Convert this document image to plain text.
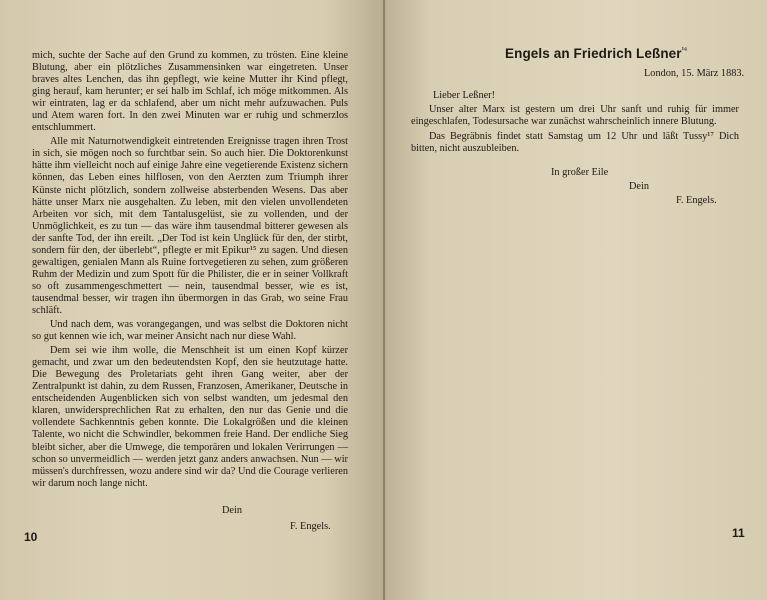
mich, suchte der Sache auf den Grund zu kommen, zu trösten. Eine kleine Blutung, aber ein plötzliches Zusammensinken war eingetreten. Unser braves altes Lenchen, das ihn gepflegt, wie keine Mutter ihr Kind pflegt, ging herauf, kam herunter; er sei halb im Schlaf, ich möge mitkommen. Als wir eintraten, lag er da schlafend, aber um nicht mehr aufzuwachen. Puls und Atem waren fort. In den zwei Minuten war er ruhig und schmerzlos entschlummert.

Alle mit Naturnotwendigkeit eintretenden Ereignisse tragen ihren Trost in sich, sie mögen noch so furchtbar sein. So auch hier. Die Doktorenkunst hätte ihm vielleicht noch auf einige Jahre eine vegetierende Existenz sichern können, das Leben eines hilflosen, von den Aerzten zum Triumph ihrer Künste nicht plötzlich, sondern zollweise absterbenden Wesens. Das aber hätte unser Marx nie ausgehalten. Zu leben, mit den vielen unvollendeten Arbeiten vor sich, mit dem Tantalusgelüst, sie zu vollenden, und der Unmöglichkeit, es zu tun — das wäre ihm tausendmal bitterer gewesen als der sanfte Tod, der ihn ereilt. „Der Tod ist kein Unglück für den, der stirbt, sondern für den, der überlebt“, pflegte er mit Epikur¹⁵ zu sagen. Und diesen gewaltigen, genialen Mann als Ruine fortvegetieren zu sehen, zum größeren Ruhm der Medizin und zum Spott für die Philister, die er in seiner Vollkraft so oft zusammengeschmettert — nein, tausendmal besser, wie es ist, tausendmal besser, wir tragen ihn übermorgen in das Grab, wo seine Frau schläft.

Und nach dem, was vorangegangen, und was selbst die Doktoren nicht so gut kennen wie ich, war meiner Ansicht nach nur diese Wahl.

Dem sei wie ihm wolle, die Menschheit ist um einen Kopf kürzer gemacht, und zwar um den bedeutendsten Kopf, den sie heutzutage hatte. Die Bewegung des Proletariats geht ihren Gang weiter, aber der Zentralpunkt ist dahin, zu dem Russen, Franzosen, Amerikaner, Deutsche in entscheidenden Augenblicken sich von selbst wandten, um jedesmal den klaren, unwidersprechlichen Rat zu erhalten, den nur das Genie und die vollendete Sachkenntnis geben konnte. Die Lokalgrößen und die kleinen Talente, wo nicht die Schwindler, bekommen freie Hand. Der endliche Sieg bleibt sicher, aber die Umwege, die temporären und lokalen Verirrungen — schon so unvermeidlich — werden jetzt ganz anders anwachsen. Nun — wir müssen's durchfressen, wozu andere sind wir da? Und die Courage verlieren wir darum noch lange nicht.

Dein
F. Engels.
10
Engels an Friedrich Leßner$^{^{16}}$
London, 15. März 1883.
Lieber Leßner!

Unser alter Marx ist gestern um drei Uhr sanft und ruhig für immer eingeschlafen, Todesursache war zunächst wahrscheinlich innere Blutung.

Das Begräbnis findet statt Samstag um 12 Uhr und läßt Tussy¹⁷ Dich bitten, nicht auszubleiben.

In großer Eile
Dein
F. Engels.
11
